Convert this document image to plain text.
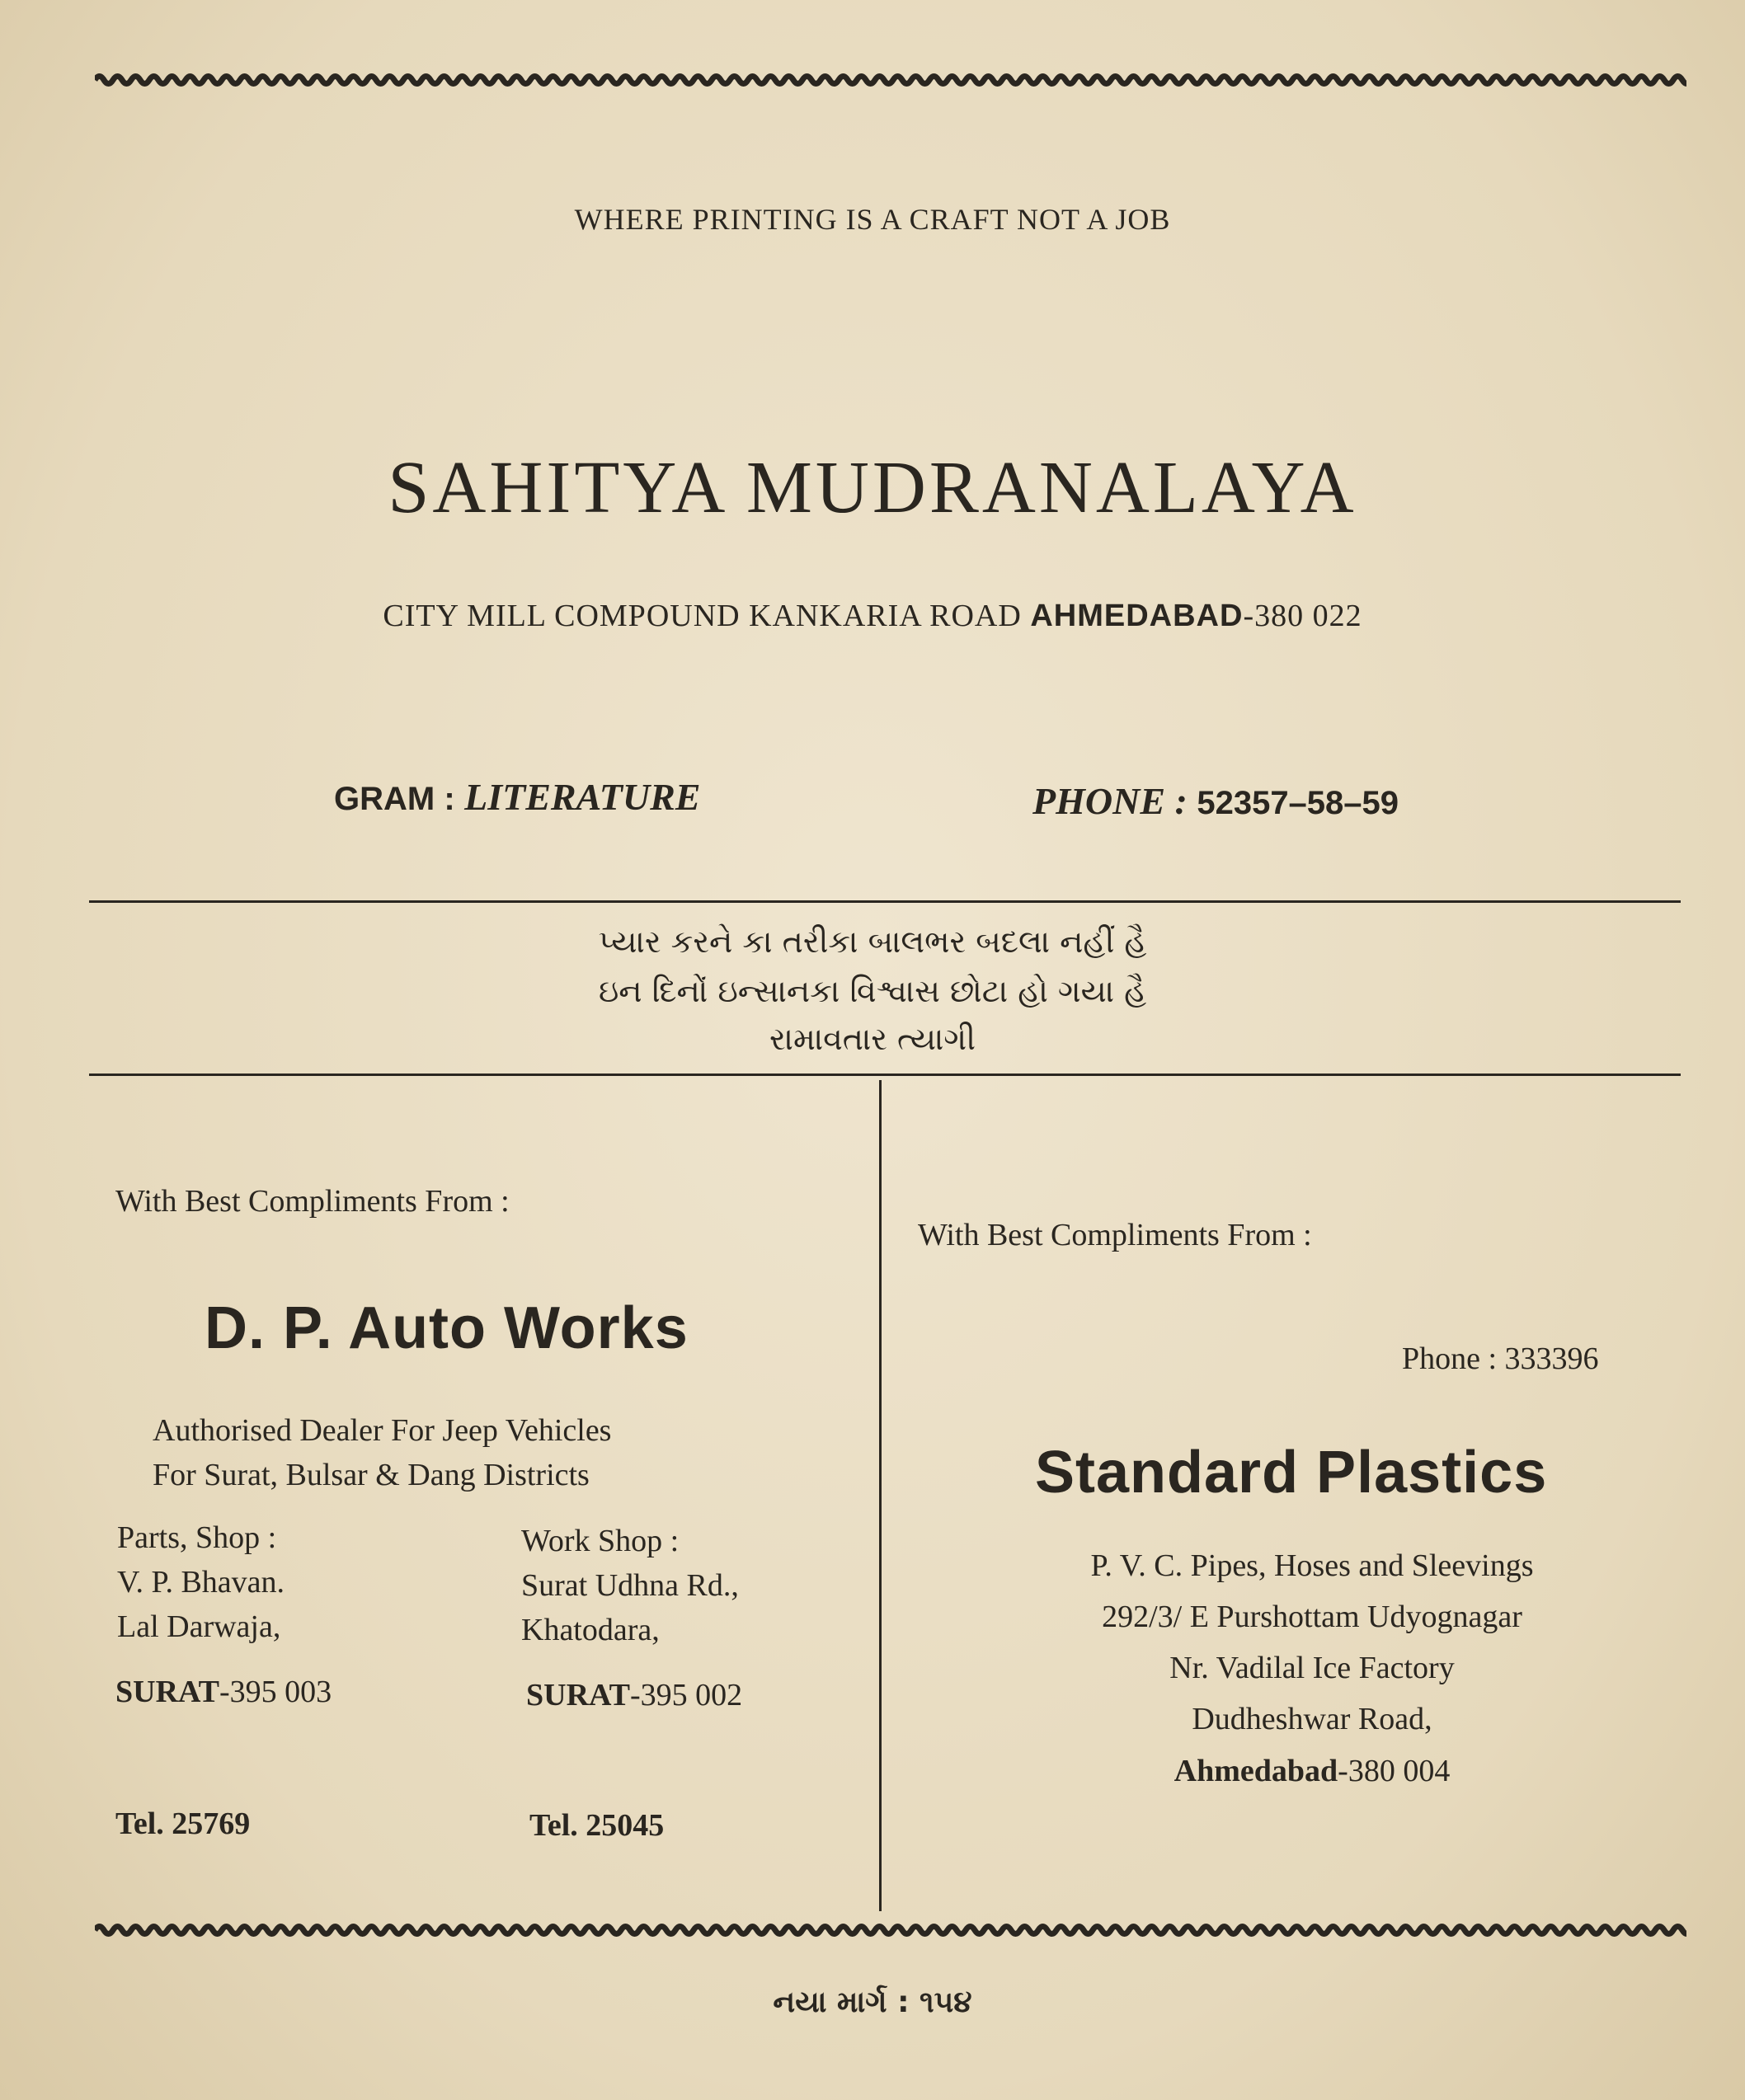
WHERE PRINTING IS A CRAFT NOT A JOB
SAHITYA MUDRANALAYA
CITY MILL COMPOUND KANKARIA ROAD AHMEDABAD-380 022
GRAM : LITERATURE	PHONE : 52357–58–59
પ્યાર કરને કા તરીકા બાલભર બદલા નહીં હૈ
ઇન દિનોં ઇન્સાનકા વિશ્વાસ છોટા હો ગયા હૈ
રામાવતાર ત્યાગી
With Best Compliments From :
D. P. Auto Works
Authorised Dealer For Jeep Vehicles
For Surat, Bulsar & Dang Districts
Parts, Shop :
V. P. Bhavan.
Lal Darwaja,
SURAT-395 003
Tel. 25769
Work Shop :
Surat Udhna Rd.,
Khatodara,
SURAT-395 002
Tel. 25045
With Best Compliments From :
Phone : 333396
Standard Plastics
P. V. C. Pipes, Hoses and Sleevings
292/3/ E Purshottam Udyognagar
Nr. Vadilal Ice Factory
Dudheshwar Road,
Ahmedabad-380 004
નયા માર્ગ : ૧૫૪
